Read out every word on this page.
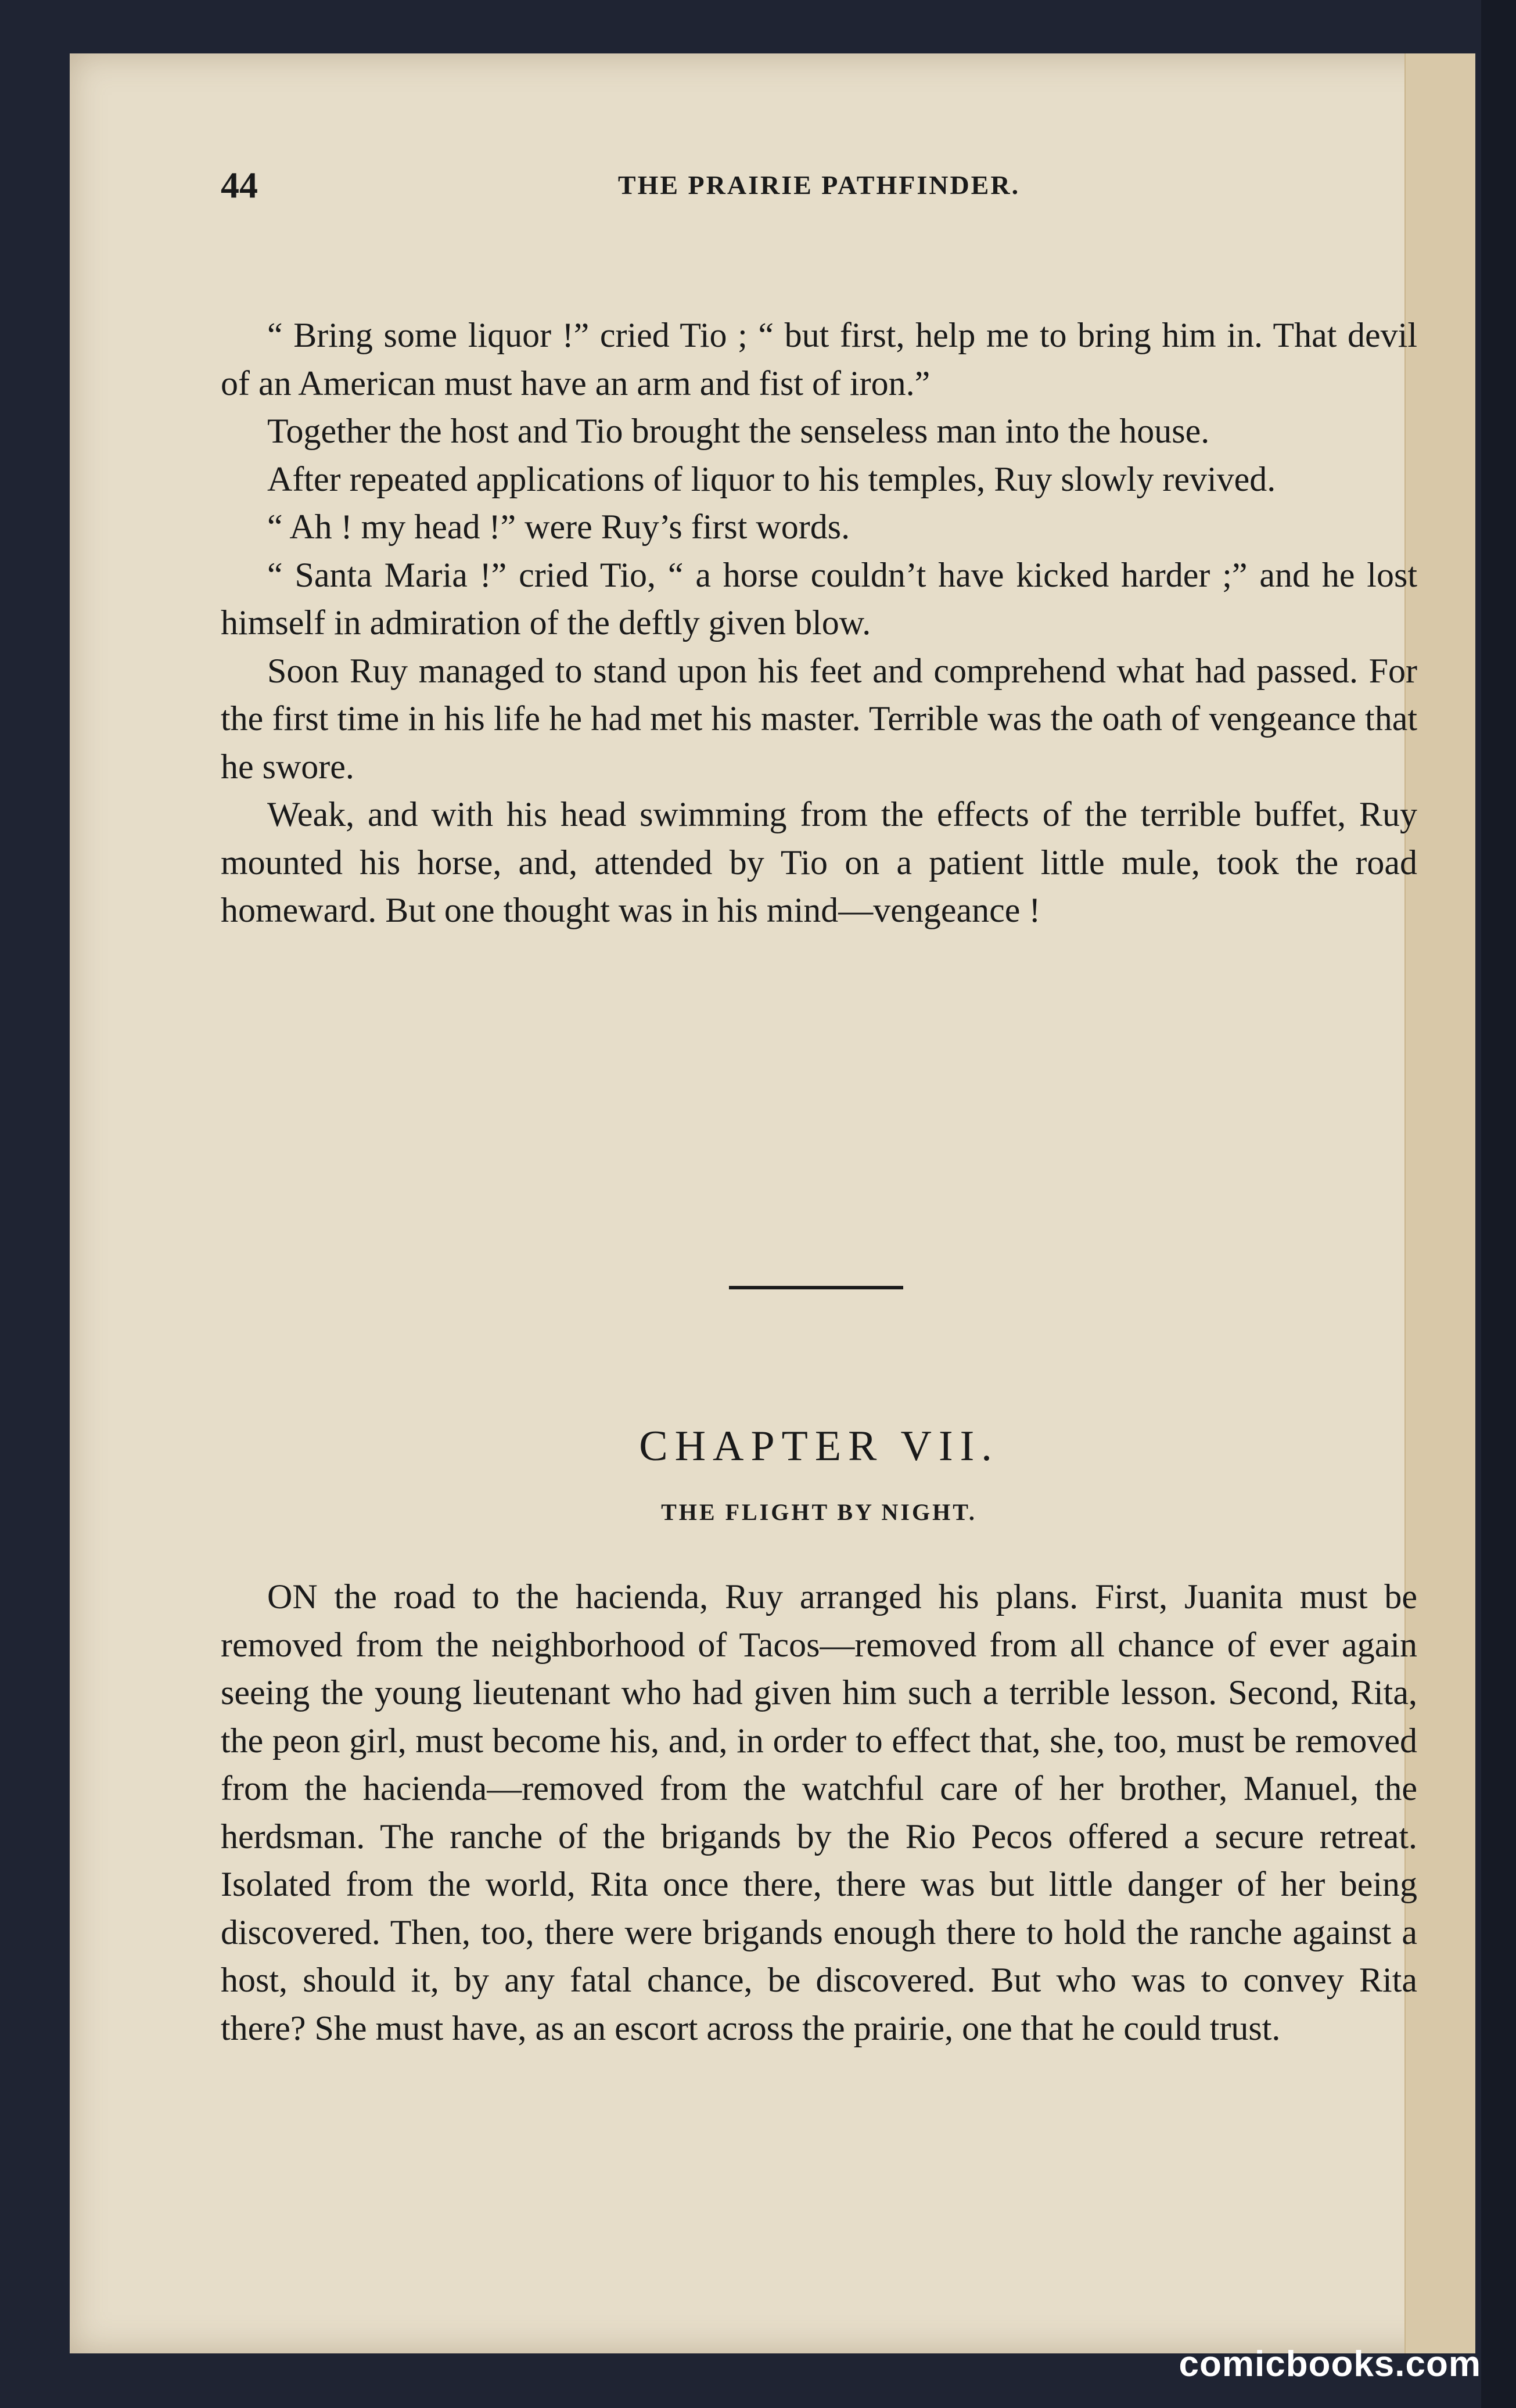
44	THE PRAIRIE PATHFINDER.

“ Bring some liquor !” cried Tio ; “ but first, help me to bring him in. That devil of an American must have an arm and fist of iron.”

Together the host and Tio brought the senseless man into the house.

After repeated applications of liquor to his temples, Ruy slowly revived.

“ Ah ! my head !” were Ruy’s first words.

“ Santa Maria !” cried Tio, “ a horse couldn’t have kicked harder ;” and he lost himself in admiration of the deftly given blow.

Soon Ruy managed to stand upon his feet and comprehend what had passed. For the first time in his life he had met his master. Terrible was the oath of vengeance that he swore.

Weak, and with his head swimming from the effects of the terrible buffet, Ruy mounted his horse, and, attended by Tio on a patient little mule, took the road homeward. But one thought was in his mind—vengeance !

CHAPTER VII.
THE FLIGHT BY NIGHT.

ON the road to the hacienda, Ruy arranged his plans. First, Juanita must be removed from the neighborhood of Tacos—removed from all chance of ever again seeing the young lieutenant who had given him such a terrible lesson. Second, Rita, the peon girl, must become his, and, in order to effect that, she, too, must be removed from the hacienda—removed from the watchful care of her brother, Manuel, the herdsman. The ranche of the brigands by the Rio Pecos offered a secure retreat. Isolated from the world, Rita once there, there was but little danger of her being discovered. Then, too, there were brigands enough there to hold the ranche against a host, should it, by any fatal chance, be discovered. But who was to convey Rita there? She must have, as an escort across the prairie, one that he could trust.

comicbooks.com
